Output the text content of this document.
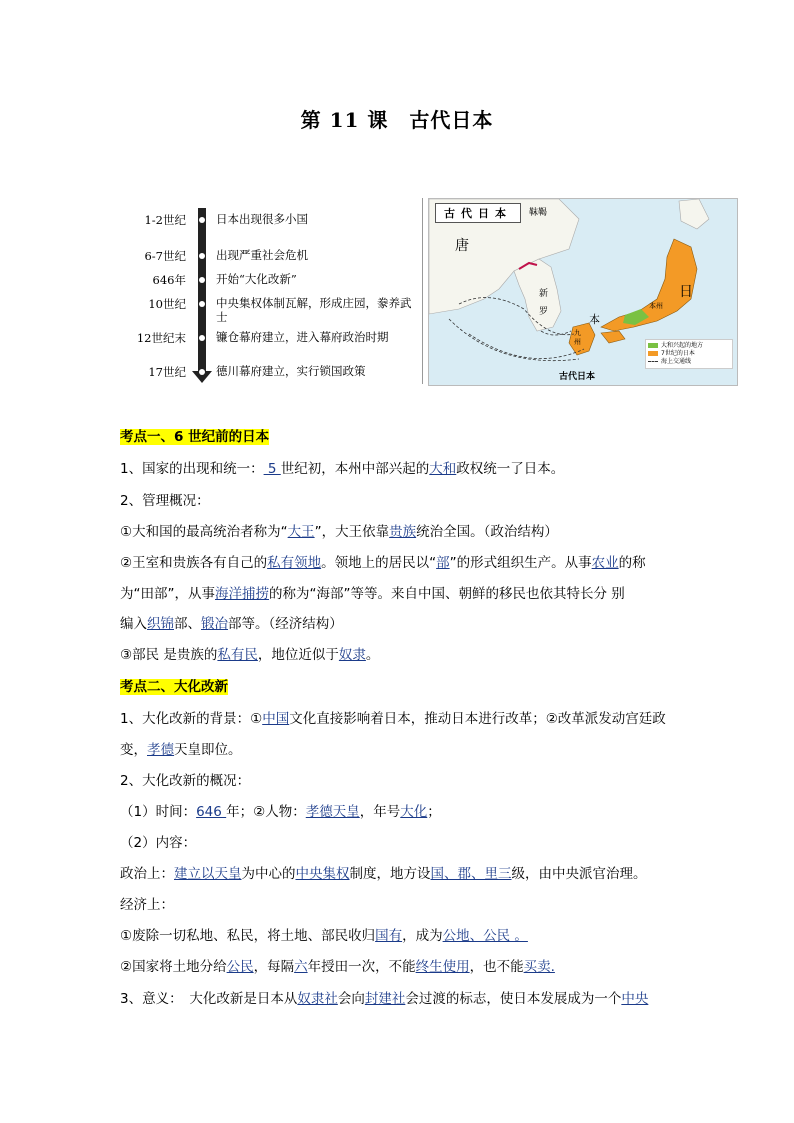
第 11 课　古代日本
1-2世纪	日本出现很多小国
6-7世纪	出现严重社会危机
646年	开始“大化改新”
10世纪	中央集权体制瓦解，形成庄园，豢养武士
12世纪末	镰仓幕府建立，进入幕府政治时期
17世纪	德川幕府建立，实行锁国政策
古代日本	靺鞨
唐
新罗
日
本
九州
本州
古代日本
大和兴起的地方
7世纪的日本
海上交通线
考点一、6 世纪前的日本
1、国家的出现和统一： 5 世纪初，本州中部兴起的大和政权统一了日本。
2、管理概况：
①大和国的最高统治者称为“大王”，大王依靠贵族统治全国。（政治结构）
②王室和贵族各有自己的私有领地。领地上的居民以“部”的形式组织生产。从事农业的称
为“田部”，从事海洋捕捞的称为“海部”等等。来自中国、朝鲜的移民也依其特长分 别
编入织锦部、锻冶部等。（经济结构）
③部民 是贵族的私有民，地位近似于奴隶。
考点二、大化改新
1、大化改新的背景：①中国文化直接影响着日本，推动日本进行改革；②改革派发动宫廷政
变，孝德天皇即位。
2、大化改新的概况：
（1）时间：646 年；②人物：孝德天皇，年号大化；
（2）内容：
政治上：建立以天皇为中心的中央集权制度，地方设国、郡、里三级，由中央派官治理。
经济上：
①废除一切私地、私民，将土地、部民收归国有，成为公地、公民 。
②国家将土地分给公民，每隔六年授田一次，不能终生使用，也不能买卖.
3、意义：　大化改新是日本从奴隶社会向封建社会过渡的标志，使日本发展成为一个中央
